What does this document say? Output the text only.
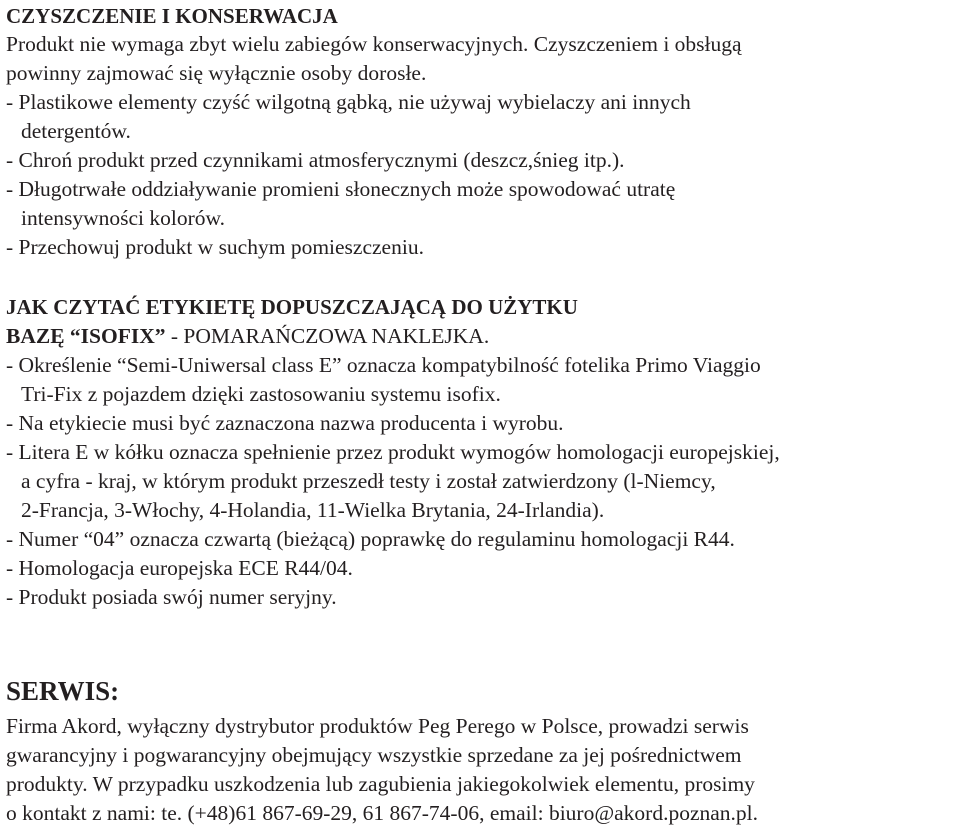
CZYSZCZENIE I KONSERWACJA
Produkt nie wymaga zbyt wielu zabiegów konserwacyjnych. Czyszczeniem i obsługą
powinny zajmować się wyłącznie osoby dorosłe.
- Plastikowe elementy czyść wilgotną gąbką, nie używaj wybielaczy ani innych
detergentów.
- Chroń produkt przed czynnikami atmosferycznymi (deszcz,śnieg itp.).
- Długotrwałe oddziaływanie promieni słonecznych może spowodować utratę
intensywności kolorów.
- Przechowuj produkt w suchym pomieszczeniu.
JAK CZYTAĆ ETYKIETĘ DOPUSZCZAJĄCĄ DO UŻYTKU
BAZĘ “ISOFIX” - POMARAŃCZOWA NAKLEJKA.
- Określenie “Semi-Uniwersal class E” oznacza kompatybilność fotelika Primo Viaggio
Tri-Fix z pojazdem dzięki zastosowaniu systemu isofix.
- Na etykiecie musi być zaznaczona nazwa producenta i wyrobu.
- Litera E w kółku oznacza spełnienie przez produkt wymogów homologacji europejskiej,
a cyfra - kraj, w którym produkt przeszedł testy i został zatwierdzony (l-Niemcy,
2-Francja, 3-Włochy, 4-Holandia, 11-Wielka Brytania, 24-Irlandia).
- Numer “04” oznacza czwartą (bieżącą) poprawkę do regulaminu homologacji R44.
- Homologacja europejska ECE R44/04.
- Produkt posiada swój numer seryjny.
SERWIS:
Firma Akord, wyłączny dystrybutor produktów Peg Perego w Polsce, prowadzi serwis
gwarancyjny i pogwarancyjny obejmujący wszystkie sprzedane za jej pośrednictwem
produkty. W przypadku uszkodzenia lub zagubienia jakiegokolwiek elementu, prosimy
o kontakt z nami: te. (+48)61 867-69-29, 61 867-74-06, email: biuro@akord.poznan.pl.
